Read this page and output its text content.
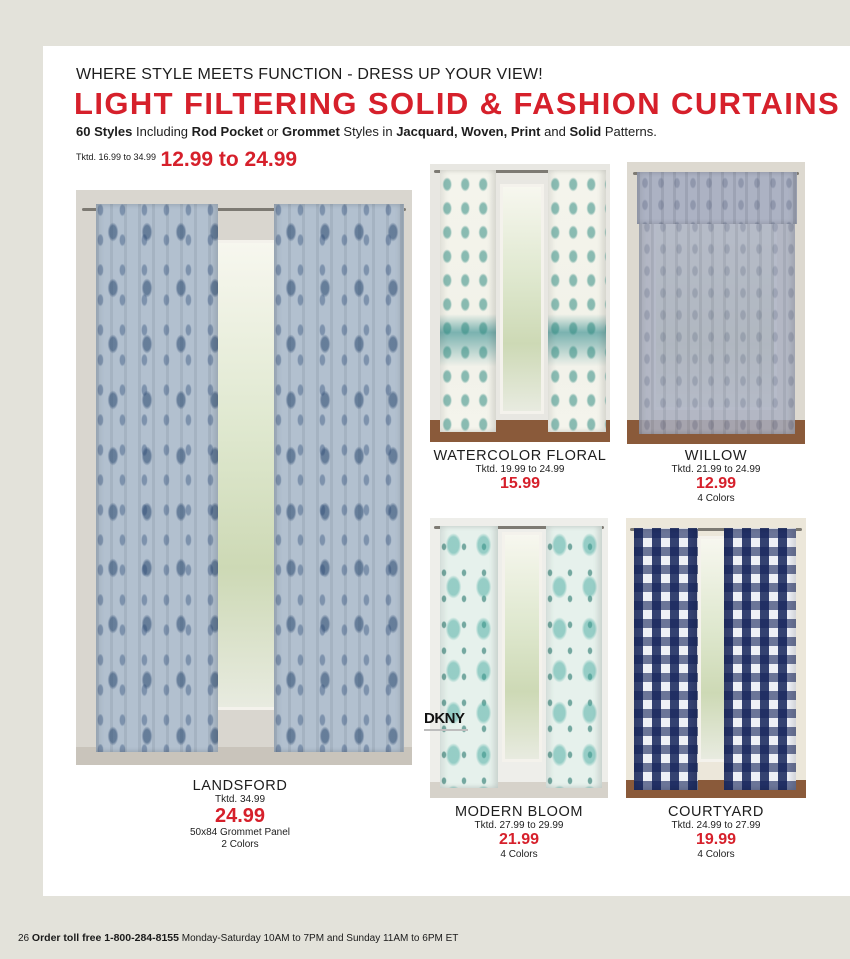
WHERE STYLE MEETS FUNCTION - DRESS UP YOUR VIEW!
LIGHT FILTERING SOLID & FASHION CURTAINS
60 Styles Including Rod Pocket or Grommet Styles in Jacquard, Woven, Print and Solid Patterns.
$^{Tktd. 16.99 to 34.99}$ 12.99 to 24.99
DKNY
LANDSFORD
Tktd. 34.99
24.99
50x84 Grommet Panel
2 Colors
WATERCOLOR FLORAL
Tktd. 19.99 to 24.99
15.99
WILLOW
Tktd. 21.99 to 24.99
12.99
4 Colors
MODERN BLOOM
Tktd. 27.99 to 29.99
21.99
4 Colors
COURTYARD
Tktd. 24.99 to 27.99
19.99
4 Colors
26 Order toll free 1-800-284-8155 Monday-Saturday 10AM to 7PM and Sunday 11AM to 6PM ET
